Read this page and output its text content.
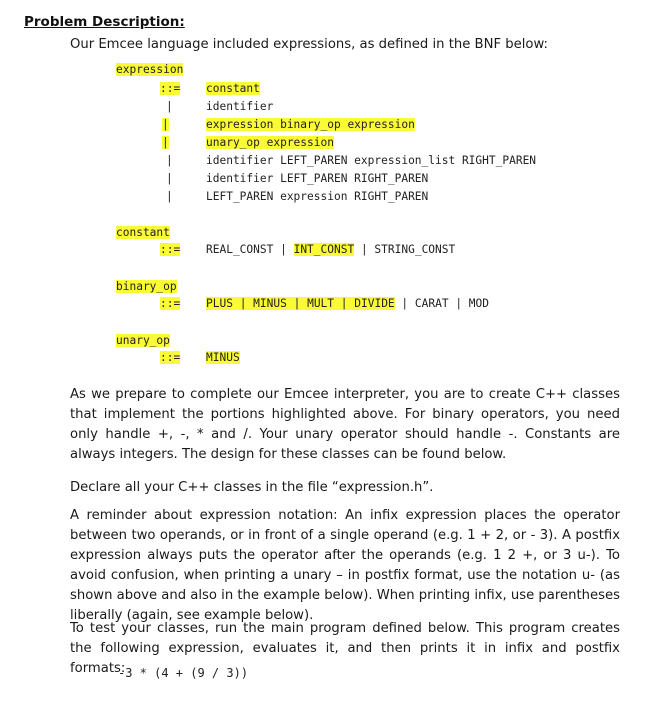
Problem Description:
Our Emcee language included expressions, as defined in the BNF below:
expression
::= constant
|	identifier
|	expression binary_op expression
|	unary_op expression
|	identifier LEFT_PAREN expression_list RIGHT_PAREN
|	identifier LEFT_PAREN RIGHT_PAREN
|	LEFT_PAREN expression RIGHT_PAREN
constant
::= REAL_CONST | INT_CONST | STRING_CONST
binary_op
::= PLUS | MINUS | MULT | DIVIDE | CARAT | MOD
unary_op
::= MINUS
As we prepare to complete our Emcee interpreter, you are to create C++ classes that implement the portions highlighted above. For binary operators, you need only handle +, -, * and /. Your unary operator should handle -. Constants are always integers. The design for these classes can be found below.
Declare all your C++ classes in the file “expression.h”.
A reminder about expression notation: An infix expression places the operator between two operands, or in front of a single operand (e.g. 1 + 2, or - 3). A postfix expression always puts the operator after the operands (e.g. 1 2 +, or 3 u-). To avoid confusion, when printing a unary – in postfix format, use the notation u- (as shown above and also in the example below). When printing infix, use parentheses liberally (again, see example below).
To test your classes, run the main program defined below. This program creates the following expression, evaluates it, and then prints it in infix and postfix formats:
-3 * (4 + (9 / 3))
